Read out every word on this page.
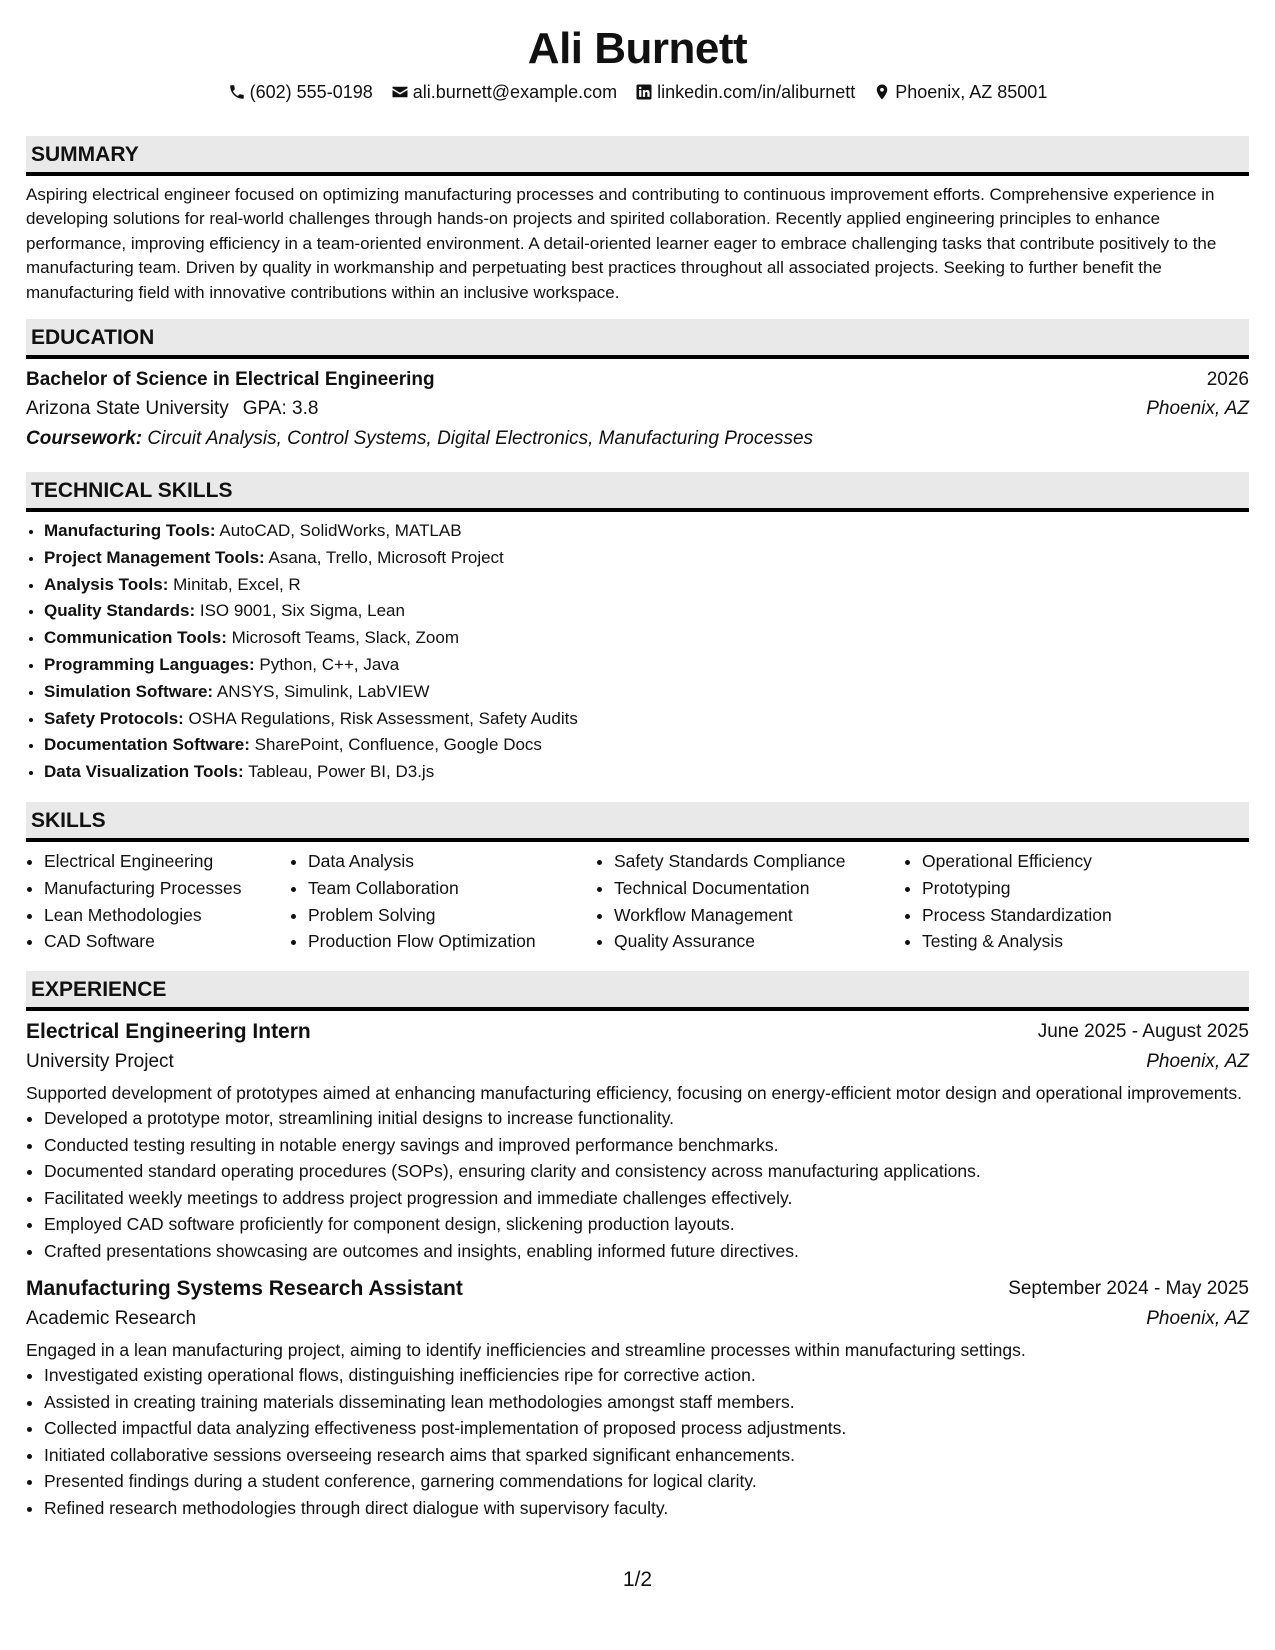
Ali Burnett
(602) 555-0198 ali.burnett@example.com linkedin.com/in/aliburnett Phoenix, AZ 85001
SUMMARY
Aspiring electrical engineer focused on optimizing manufacturing processes and contributing to continuous improvement efforts. Comprehensive experience in developing solutions for real-world challenges through hands-on projects and spirited collaboration. Recently applied engineering principles to enhance performance, improving efficiency in a team-oriented environment. A detail-oriented learner eager to embrace challenging tasks that contribute positively to the manufacturing team. Driven by quality in workmanship and perpetuating best practices throughout all associated projects. Seeking to further benefit the manufacturing field with innovative contributions within an inclusive workspace.
EDUCATION
Bachelor of Science in Electrical Engineering	2026
Arizona State University GPA: 3.8	Phoenix, AZ
Coursework: Circuit Analysis, Control Systems, Digital Electronics, Manufacturing Processes
TECHNICAL SKILLS
• Manufacturing Tools: AutoCAD, SolidWorks, MATLAB
• Project Management Tools: Asana, Trello, Microsoft Project
• Analysis Tools: Minitab, Excel, R
• Quality Standards: ISO 9001, Six Sigma, Lean
• Communication Tools: Microsoft Teams, Slack, Zoom
• Programming Languages: Python, C++, Java
• Simulation Software: ANSYS, Simulink, LabVIEW
• Safety Protocols: OSHA Regulations, Risk Assessment, Safety Audits
• Documentation Software: SharePoint, Confluence, Google Docs
• Data Visualization Tools: Tableau, Power BI, D3.js
SKILLS
• Electrical Engineering
• Manufacturing Processes
• Lean Methodologies
• CAD Software
• Data Analysis
• Team Collaboration
• Problem Solving
• Production Flow Optimization
• Safety Standards Compliance
• Technical Documentation
• Workflow Management
• Quality Assurance
• Operational Efficiency
• Prototyping
• Process Standardization
• Testing & Analysis
EXPERIENCE
Electrical Engineering Intern	June 2025 - August 2025
University Project	Phoenix, AZ
Supported development of prototypes aimed at enhancing manufacturing efficiency, focusing on energy-efficient motor design and operational improvements.
• Developed a prototype motor, streamlining initial designs to increase functionality.
• Conducted testing resulting in notable energy savings and improved performance benchmarks.
• Documented standard operating procedures (SOPs), ensuring clarity and consistency across manufacturing applications.
• Facilitated weekly meetings to address project progression and immediate challenges effectively.
• Employed CAD software proficiently for component design, slickening production layouts.
• Crafted presentations showcasing are outcomes and insights, enabling informed future directives.
Manufacturing Systems Research Assistant	September 2024 - May 2025
Academic Research	Phoenix, AZ
Engaged in a lean manufacturing project, aiming to identify inefficiencies and streamline processes within manufacturing settings.
• Investigated existing operational flows, distinguishing inefficiencies ripe for corrective action.
• Assisted in creating training materials disseminating lean methodologies amongst staff members.
• Collected impactful data analyzing effectiveness post-implementation of proposed process adjustments.
• Initiated collaborative sessions overseeing research aims that sparked significant enhancements.
• Presented findings during a student conference, garnering commendations for logical clarity.
• Refined research methodologies through direct dialogue with supervisory faculty.
1/2
